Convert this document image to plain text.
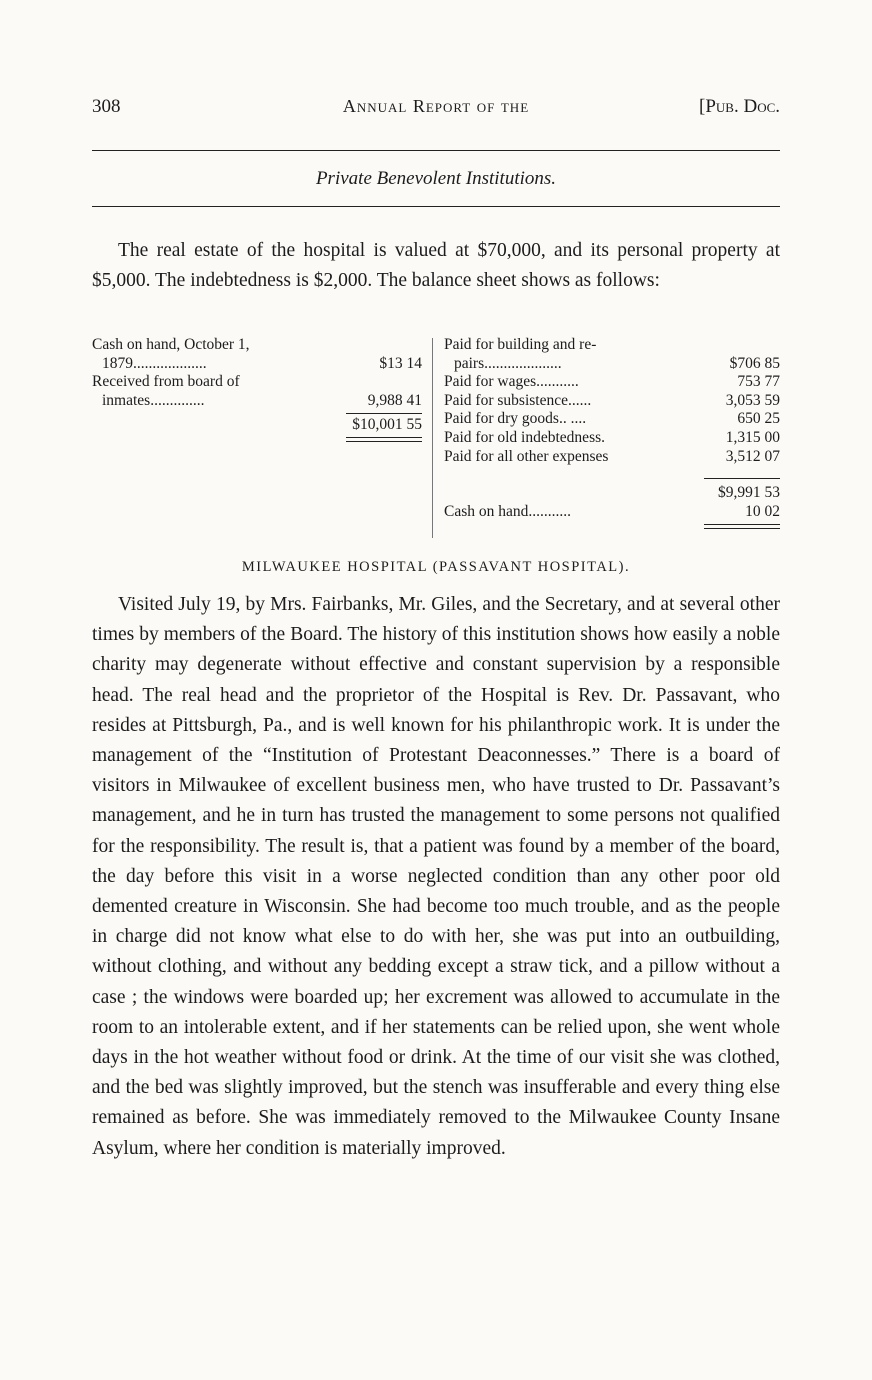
308	Annual Report of the	[Pub. Doc.
Private Benevolent Institutions.

The real estate of the hospital is valued at $70,000, and its personal property at $5,000. The indebtedness is $2,000. The balance sheet shows as follows:

Cash on hand, October 1,
1879...................	$13 14
Received from board of
inmates..............	9,988 41
$10,001 55
Paid for building and re-
pairs....................	$706 85
Paid for wages...........	753 77
Paid for subsistence......	3,053 59
Paid for dry goods.. ....	650 25
Paid for old indebtedness.	1,315 00
Paid for all other expenses	3,512 07
$9,991 53
Cash on hand...........	10 02
MILWAUKEE HOSPITAL (PASSAVANT HOSPITAL).

Visited July 19, by Mrs. Fairbanks, Mr. Giles, and the Secretary, and at several other times by members of the Board. The history of this institution shows how easily a noble charity may degenerate without effective and constant supervision by a responsible head. The real head and the proprietor of the Hospital is Rev. Dr. Passavant, who resides at Pittsburgh, Pa., and is well known for his philanthropic work. It is under the management of the “Institution of Protestant Deaconnesses.” There is a board of visitors in Milwaukee of excellent business men, who have trusted to Dr. Passavant’s management, and he in turn has trusted the management to some persons not qualified for the responsibility. The result is, that a patient was found by a member of the board, the day before this visit in a worse neglected condition than any other poor old demented creature in Wisconsin. She had become too much trouble, and as the people in charge did not know what else to do with her, she was put into an outbuilding, without clothing, and without any bedding except a straw tick, and a pillow without a case ; the windows were boarded up; her excrement was allowed to accumulate in the room to an intolerable extent, and if her statements can be relied upon, she went whole days in the hot weather without food or drink. At the time of our visit she was clothed, and the bed was slightly improved, but the stench was insufferable and every thing else remained as before. She was immediately removed to the Milwaukee County Insane Asylum, where her condition is materially improved.
